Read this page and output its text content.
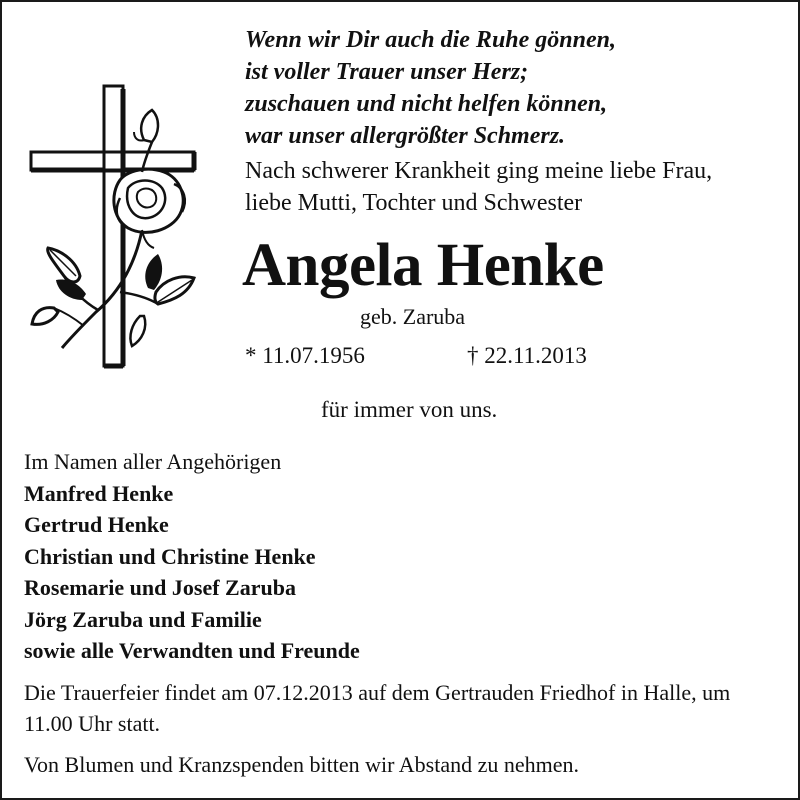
Wenn wir Dir auch die Ruhe gönnen,
ist voller Trauer unser Herz;
zuschauen und nicht helfen können,
war unser allergrößter Schmerz.
Nach schwerer Krankheit ging meine liebe Frau,
liebe Mutti, Tochter und Schwester
Angela Henke
geb. Zaruba
* 11.07.1956	† 22.11.2013
für immer von uns.
Im Namen aller Angehörigen
Manfred Henke
Gertrud Henke
Christian und Christine Henke
Rosemarie und Josef Zaruba
Jörg Zaruba und Familie
sowie alle Verwandten und Freunde
Die Trauerfeier findet am 07.12.2013 auf dem Gertrauden Friedhof in Halle, um 11.00 Uhr statt.
Von Blumen und Kranzspenden bitten wir Abstand zu nehmen.
